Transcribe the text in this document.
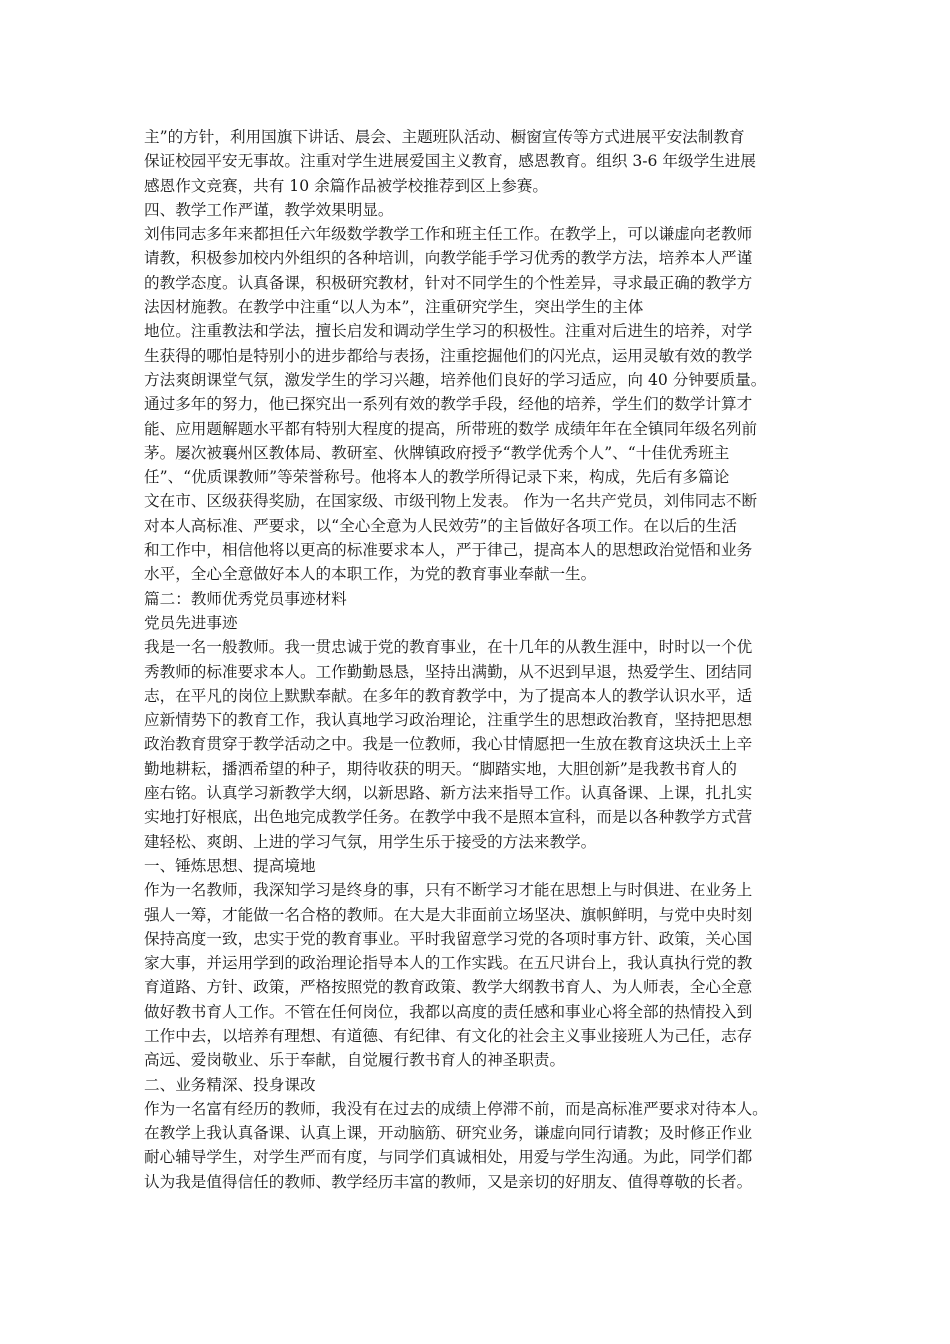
主”的方针，利用国旗下讲话、晨会、主题班队活动、橱窗宣传等方式进展平安法制教育
保证校园平安无事故。注重对学生进展爱国主义教育，感恩教育。组织 3-6 年级学生进展
感恩作文竞赛，共有 10 余篇作品被学校推荐到区上参赛。
四、教学工作严谨，教学效果明显。
刘伟同志多年来都担任六年级数学教学工作和班主任工作。在教学上，可以谦虚向老教师
请教，积极参加校内外组织的各种培训，向教学能手学习优秀的教学方法，培养本人严谨
的教学态度。认真备课，积极研究教材，针对不同学生的个性差异，寻求最正确的教学方
法因材施教。在教学中注重“以人为本”，注重研究学生，突出学生的主体
地位。注重教法和学法，擅长启发和调动学生学习的积极性。注重对后进生的培养，对学
生获得的哪怕是特别小的进步都给与表扬，注重挖掘他们的闪光点，运用灵敏有效的教学
方法爽朗课堂气氛，激发学生的学习兴趣，培养他们良好的学习适应，向 40 分钟要质量。
通过多年的努力，他已探究出一系列有效的教学手段，经他的培养，学生们的数学计算才
能、应用题解题水平都有特别大程度的提高，所带班的数学 成绩年年在全镇同年级名列前
茅。屡次被襄州区教体局、教研室、伙牌镇政府授予“教学优秀个人”、“十佳优秀班主
任”、“优质课教师”等荣誉称号。他将本人的教学所得记录下来，构成，先后有多篇论
文在市、区级获得奖励，在国家级、市级刊物上发表。 作为一名共产党员，刘伟同志不断
对本人高标准、严要求，以“全心全意为人民效劳”的主旨做好各项工作。在以后的生活
和工作中，相信他将以更高的标准要求本人，严于律己，提高本人的思想政治觉悟和业务
水平，全心全意做好本人的本职工作，为党的教育事业奉献一生。
篇二：教师优秀党员事迹材料
党员先进事迹
我是一名一般教师。我一贯忠诚于党的教育事业，在十几年的从教生涯中，时时以一个优
秀教师的标准要求本人。工作勤勤恳恳，坚持出满勤，从不迟到早退，热爱学生、团结同
志，在平凡的岗位上默默奉献。在多年的教育教学中，为了提高本人的教学认识水平，适
应新情势下的教育工作，我认真地学习政治理论，注重学生的思想政治教育，坚持把思想
政治教育贯穿于教学活动之中。我是一位教师，我心甘情愿把一生放在教育这块沃土上辛
勤地耕耘，播洒希望的种子，期待收获的明天。“脚踏实地，大胆创新”是我教书育人的
座右铭。认真学习新教学大纲，以新思路、新方法来指导工作。认真备课、上课，扎扎实
实地打好根底，出色地完成教学任务。在教学中我不是照本宣科，而是以各种教学方式营
建轻松、爽朗、上进的学习气氛，用学生乐于接受的方法来教学。
一、锤炼思想、提高境地
作为一名教师，我深知学习是终身的事，只有不断学习才能在思想上与时俱进、在业务上
强人一筹，才能做一名合格的教师。在大是大非面前立场坚决、旗帜鲜明，与党中央时刻
保持高度一致，忠实于党的教育事业。平时我留意学习党的各项时事方针、政策，关心国
家大事，并运用学到的政治理论指导本人的工作实践。在五尺讲台上，我认真执行党的教
育道路、方针、政策，严格按照党的教育政策、教学大纲教书育人、为人师表，全心全意
做好教书育人工作。不管在任何岗位，我都以高度的责任感和事业心将全部的热情投入到
工作中去，以培养有理想、有道德、有纪律、有文化的社会主义事业接班人为己任，志存
高远、爱岗敬业、乐于奉献，自觉履行教书育人的神圣职责。
二、业务精深、投身课改
作为一名富有经历的教师，我没有在过去的成绩上停滞不前，而是高标准严要求对待本人。
在教学上我认真备课、认真上课，开动脑筋、研究业务，谦虚向同行请教；及时修正作业
耐心辅导学生，对学生严而有度，与同学们真诚相处，用爱与学生沟通。为此，同学们都
认为我是值得信任的教师、教学经历丰富的教师，又是亲切的好朋友、值得尊敬的长者。
